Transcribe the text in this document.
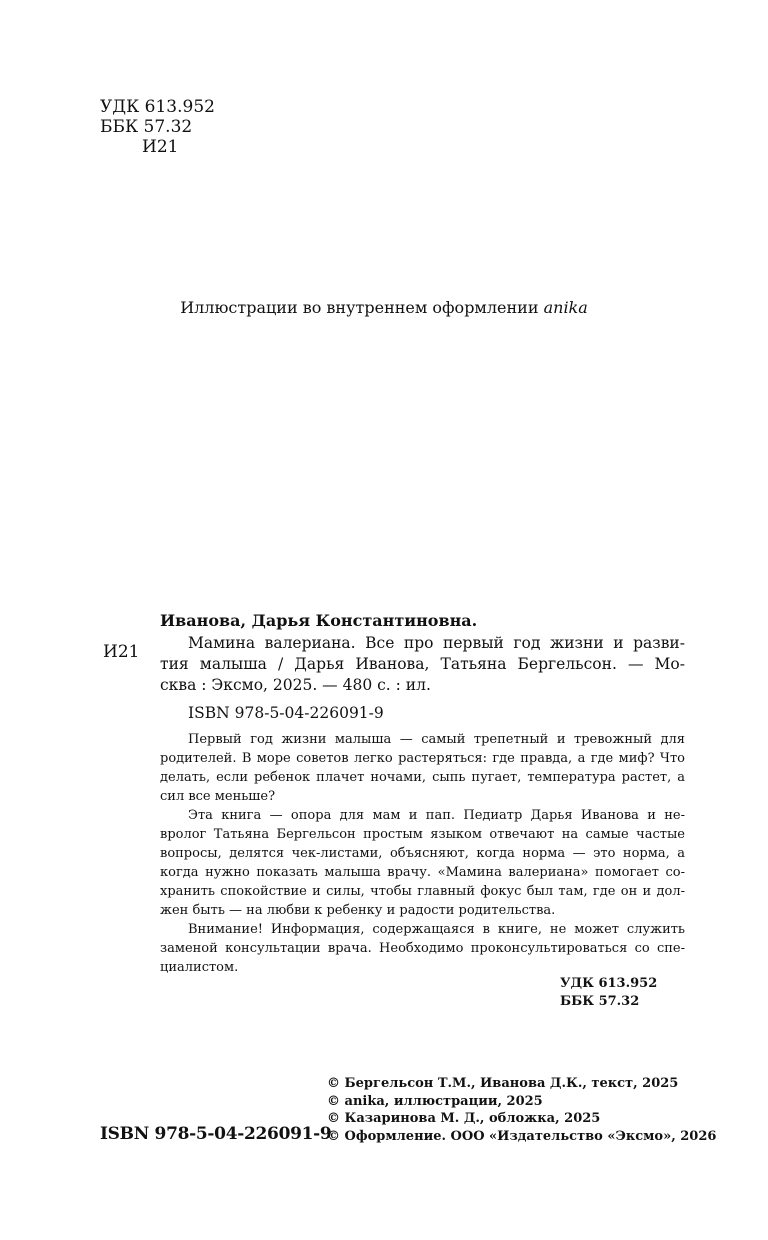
УДК 613.952
ББК 57.32
И21
Иллюстрации во внутреннем оформлении anika
Иванова, Дарья Константиновна.
И21	Мамина валериана. Все про первый год жизни и разви-
тия малыша / Дарья Иванова, Татьяна Бергельсон. — Мо-
сква : Эксмо, 2025. — 480 с. : ил.
ISBN 978-5-04-226091-9
Первый год жизни малыша — самый трепетный и тревожный для
родителей. В море советов легко растеряться: где правда, а где миф? Что
делать, если ребенок плачет ночами, сыпь пугает, температура растет, а
сил все меньше?
Эта книга — опора для мам и пап. Педиатр Дарья Иванова и не-
вролог Татьяна Бергельсон простым языком отвечают на самые частые
вопросы, делятся чек-листами, объясняют, когда норма — это норма, а
когда нужно показать малыша врачу. «Мамина валериана» помогает со-
хранить спокойствие и силы, чтобы главный фокус был там, где он и дол-
жен быть — на любви к ребенку и радости родительства.
Внимание! Информация, содержащаяся в книге, не может служить
заменой консультации врача. Необходимо проконсультироваться со спе-
циалистом.
УДК 613.952
ББК 57.32
ISBN 978-5-04-226091-9
© Бергельсон Т.М., Иванова Д.К., текст, 2025
© anika, иллюстрации, 2025
© Казаринова М. Д., обложка, 2025
© Оформление. ООО «Издательство «Эксмо», 2026
